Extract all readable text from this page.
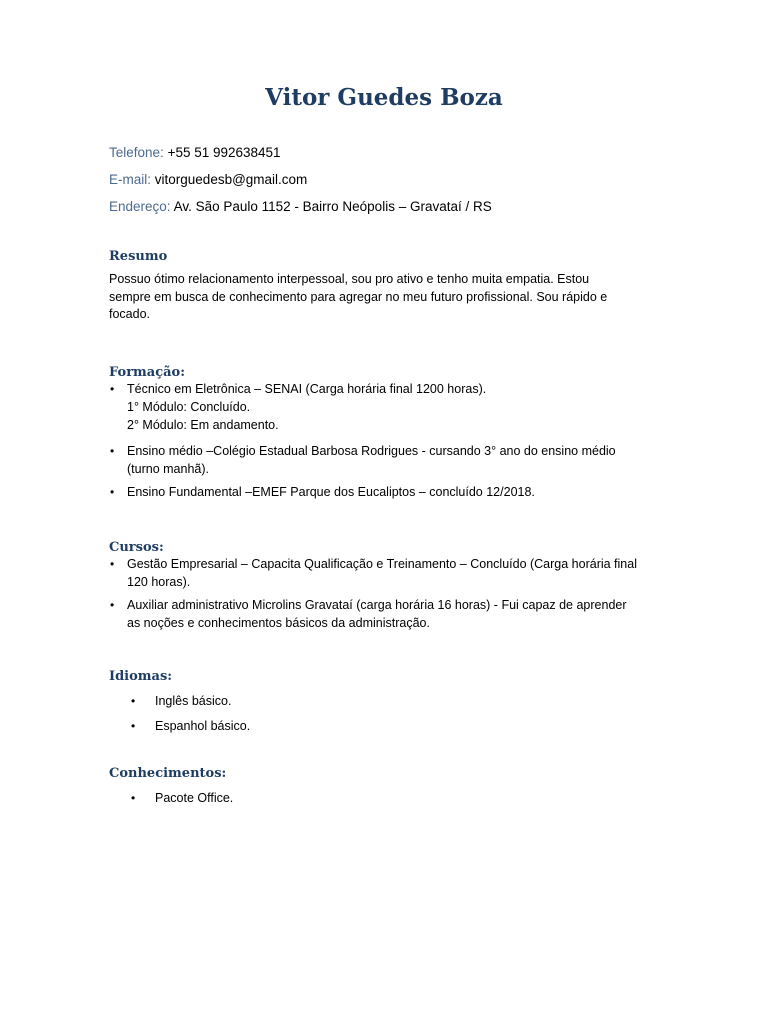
Vitor Guedes Boza
Telefone: +55 51 992638451
E-mail: vitorguedesb@gmail.com
Endereço: Av. São Paulo 1152 - Bairro Neópolis – Gravataí / RS
Resumo

Possuo ótimo relacionamento interpessoal, sou pro ativo e tenho muita empatia. Estou sempre em busca de conhecimento para agregar no meu futuro profissional. Sou rápido e focado.

Formação:
• Técnico em Eletrônica – SENAI (Carga horária final 1200 horas).
1° Módulo: Concluído.
2° Módulo: Em andamento.
• Ensino médio –Colégio Estadual Barbosa Rodrigues - cursando 3° ano do ensino médio (turno manhã).
• Ensino Fundamental –EMEF Parque dos Eucaliptos – concluído 12/2018.
Cursos:
• Gestão Empresarial – Capacita Qualificação e Treinamento – Concluído (Carga horária final 120 horas).
• Auxiliar administrativo Microlins Gravataí (carga horária 16 horas) - Fui capaz de aprender as noções e conhecimentos básicos da administração.
Idiomas:
• Inglês básico.
• Espanhol básico.
Conhecimentos:
• Pacote Office.
